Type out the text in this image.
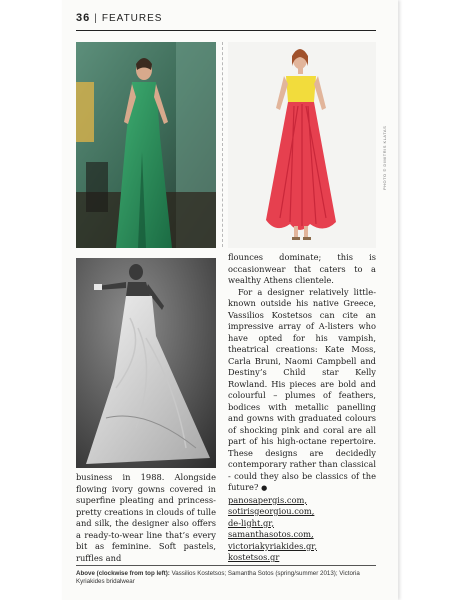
36 | FEATURES
PHOTO © DIMITRIS KLATAS

business in 1988. Alongside flowing ivory gowns covered in superfine pleating and princess-pretty creations in clouds of tulle and silk, the designer also offers a ready-to-wear line that’s every bit as feminine. Soft pastels, ruffles and

flounces dominate; this is occasionwear that caters to a wealthy Athens clientele.

For a designer relatively little-known outside his native Greece, Vassilios Kostetsos can cite an impressive array of A-listers who have opted for his vampish, theatrical creations: Kate Moss, Carla Bruni, Naomi Campbell and Destiny’s Child star Kelly Rowland. His pieces are bold and colourful – plumes of feathers, bodices with metallic panelling and gowns with graduated colours of shocking pink and coral are all part of his high-octane repertoire. These designs are decidedly contemporary rather than classical - could they also be classics of the future? ●

panosapergis.com,
sotirisgeorgiou.com,
de-light.gr,
samanthasotos.com,
victoriakyriakides.gr,
kostetsos.gr
Above (clockwise from top left): Vassilios Kostetsos; Samantha Sotos (spring/summer 2013); Victoria Kyriakides bridalwear
